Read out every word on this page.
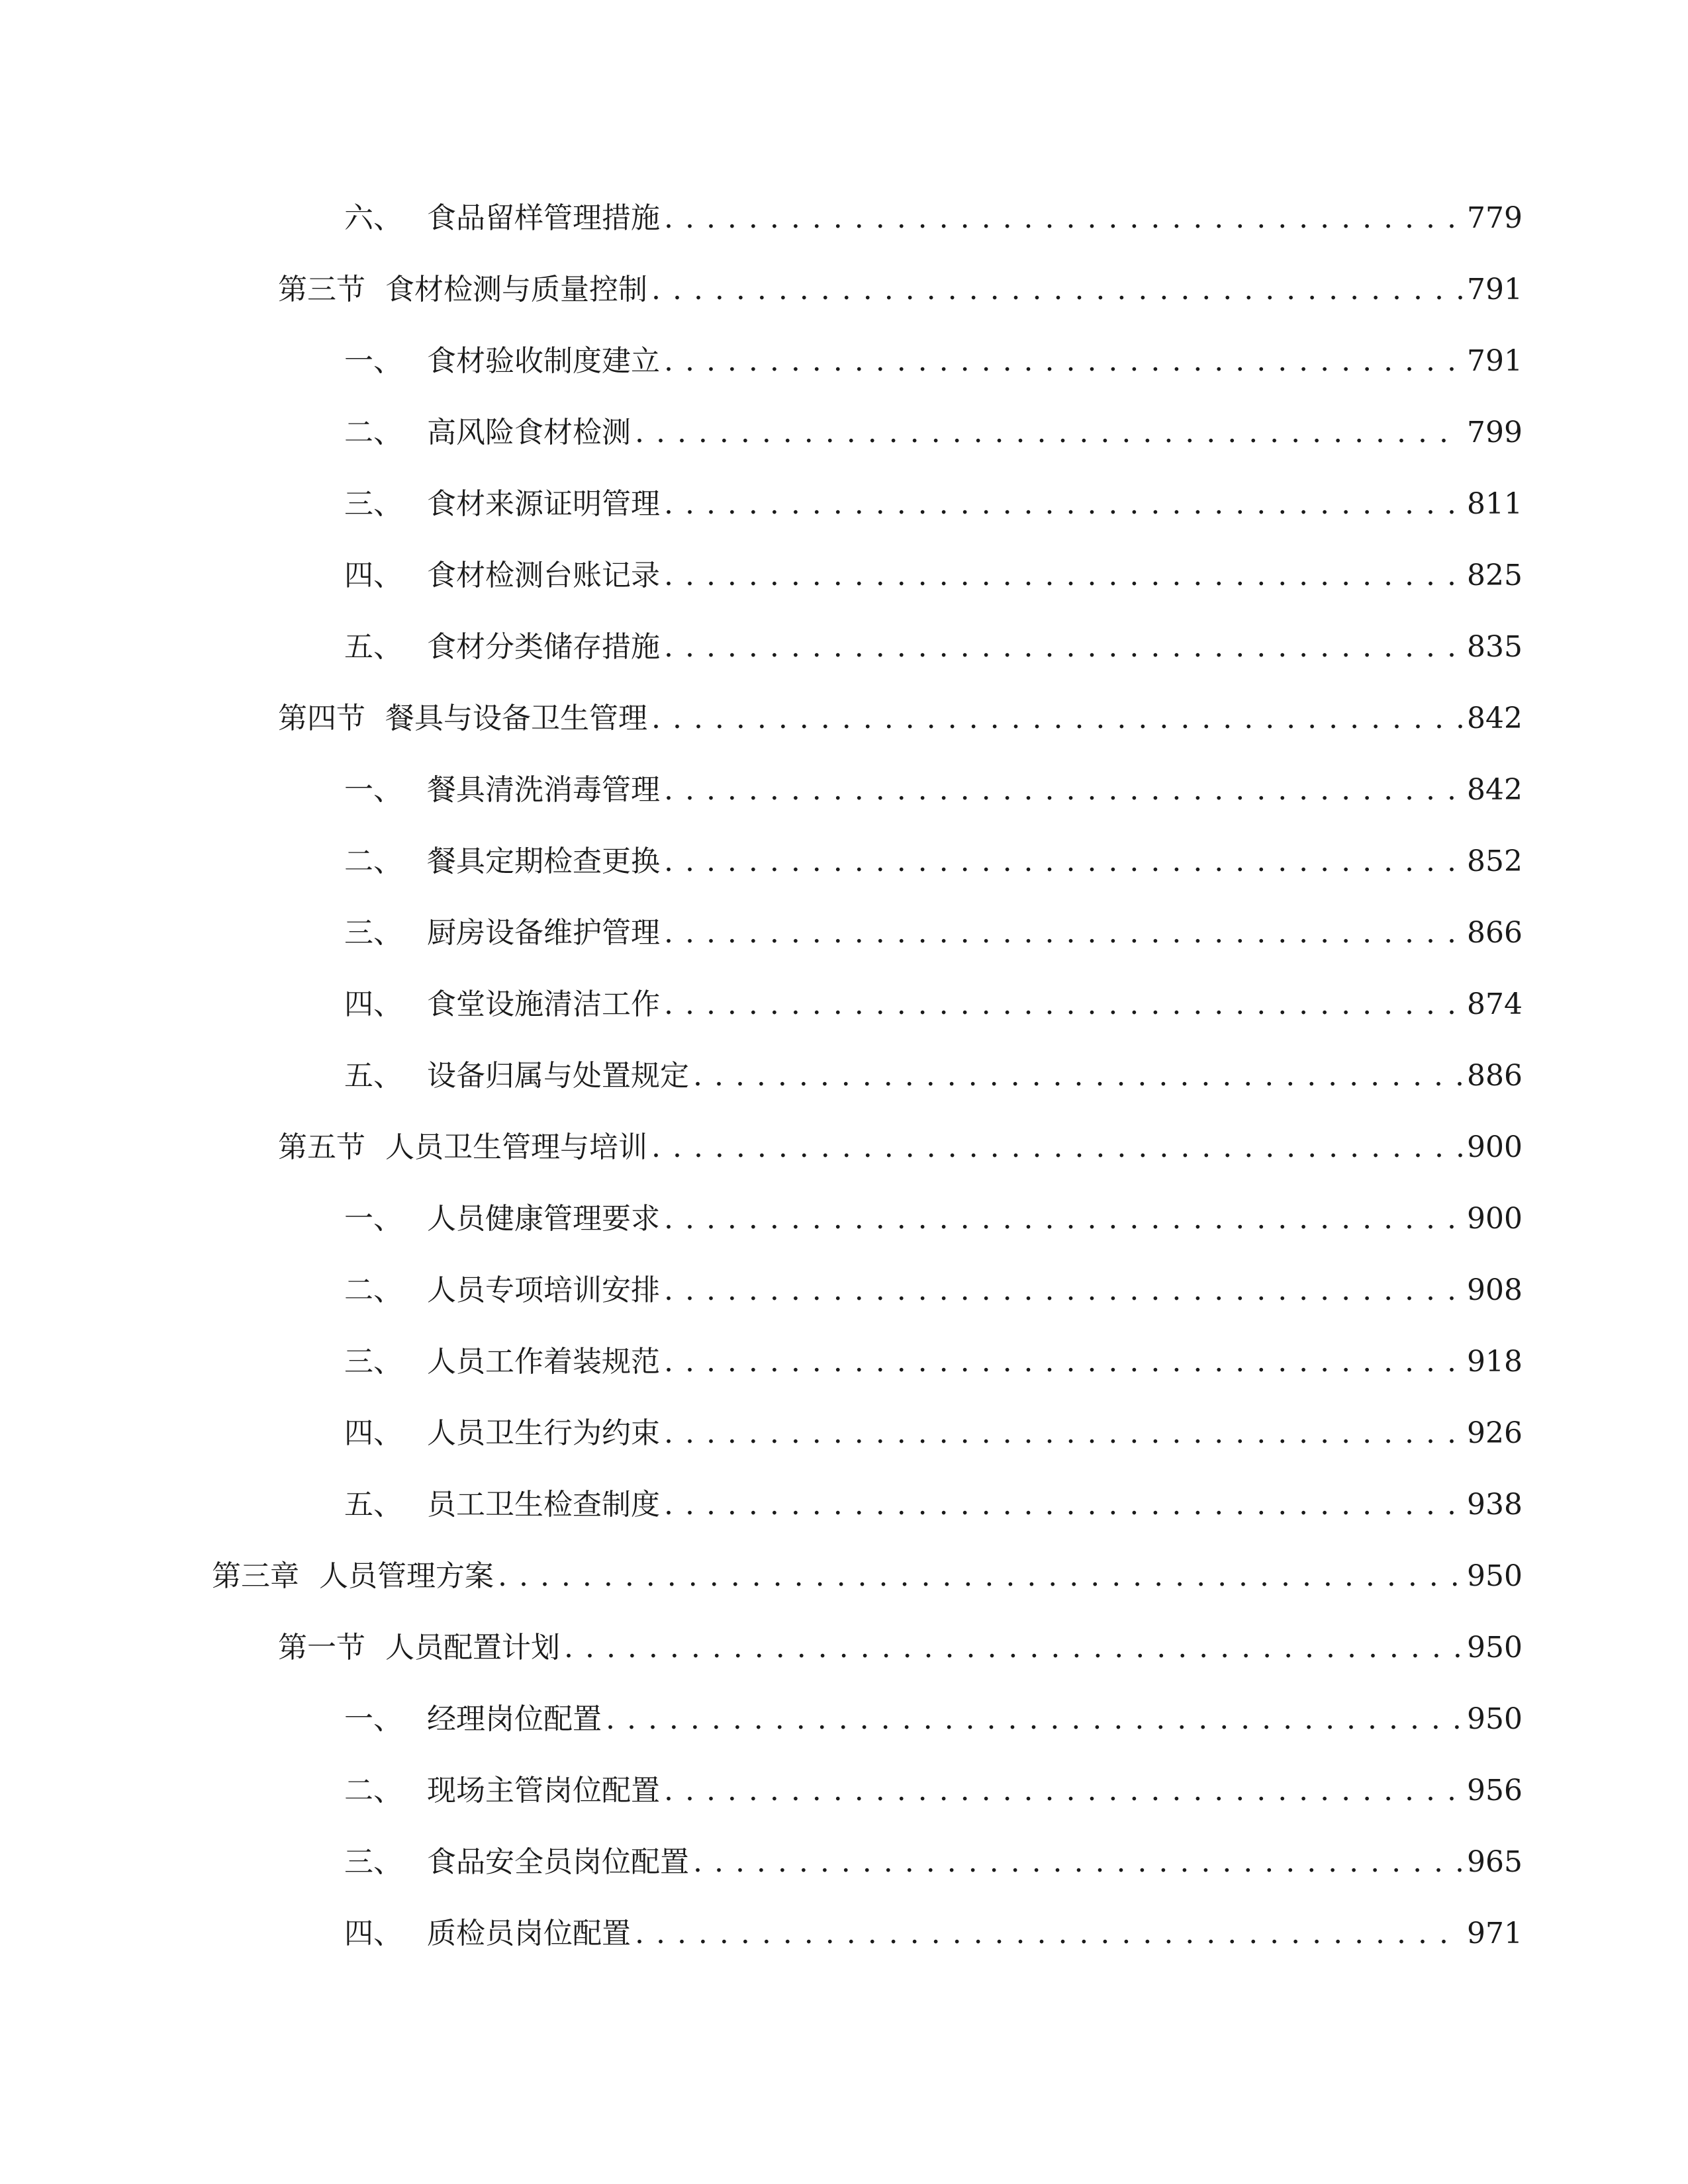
六、 食品留样管理措施 . . .	779
第三节 食材检测与质量控制 . . .	791
一、 食材验收制度建立 . . .	791
二、 高风险食材检测 . . .	799
三、 食材来源证明管理 . . .	811
四、 食材检测台账记录 . . .	825
五、 食材分类储存措施 . . .	835
第四节 餐具与设备卫生管理 . . .	842
一、 餐具清洗消毒管理 . . .	842
二、 餐具定期检查更换 . . .	852
三、 厨房设备维护管理 . . .	866
四、 食堂设施清洁工作 . . .	874
五、 设备归属与处置规定 . . .	886
第五节 人员卫生管理与培训 . . .	900
一、 人员健康管理要求 . . .	900
二、 人员专项培训安排 . . .	908
三、 人员工作着装规范 . . .	918
四、 人员卫生行为约束 . . .	926
五、 员工卫生检查制度 . . .	938
第三章 人员管理方案 . . .	950
第一节 人员配置计划 . . .	950
一、 经理岗位配置 . . .	950
二、 现场主管岗位配置 . . .	956
三、 食品安全员岗位配置 . . .	965
四、 质检员岗位配置 . . .	971
